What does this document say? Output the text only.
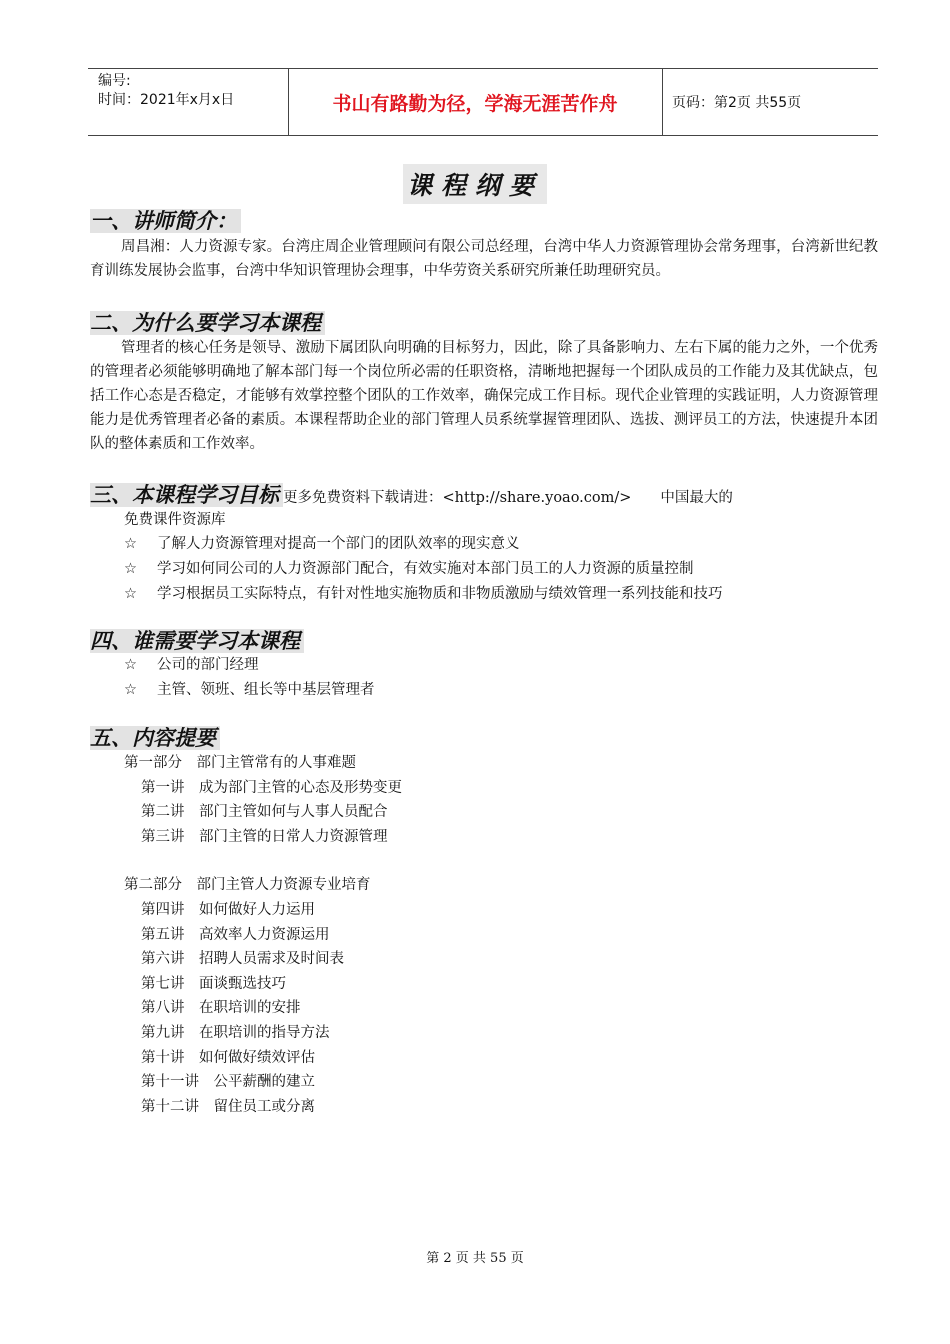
编号:
时间：2021年x月x日	书山有路勤为径，学海无涯苦作舟	页码：第2页 共55页
课程纲要
一、讲师简介：

周昌湘：人力资源专家。台湾庄周企业管理顾问有限公司总经理，台湾中华人力资源管理协会常务理事，台湾新世纪教育训练发展协会监事，台湾中华知识管理协会理事，中华劳资关系研究所兼任助理研究员。

二、为什么要学习本课程

管理者的核心任务是领导、激励下属团队向明确的目标努力，因此，除了具备影响力、左右下属的能力之外，一个优秀的管理者必须能够明确地了解本部门每一个岗位所必需的任职资格，清晰地把握每一个团队成员的工作能力及其优缺点，包括工作心态是否稳定，才能够有效掌控整个团队的工作效率，确保完成工作目标。现代企业管理的实践证明，人力资源管理能力是优秀管理者必备的素质。本课程帮助企业的部门管理人员系统掌握管理团队、选拔、测评员工的方法，快速提升本团队的整体素质和工作效率。

三、本课程学习目标 更多免费资料下载请进：<http://share.yoao.com/>　　中国最大的
免费课件资源库
☆ 了解人力资源管理对提高一个部门的团队效率的现实意义
☆ 学习如何同公司的人力资源部门配合，有效实施对本部门员工的人力资源的质量控制
☆ 学习根据员工实际特点，有针对性地实施物质和非物质激励与绩效管理一系列技能和技巧
四、谁需要学习本课程
☆ 公司的部门经理
☆ 主管、领班、组长等中基层管理者
五、内容提要
第一部分　 部门主管常有的人事难题
第一讲　 成为部门主管的心态及形势变更
第二讲　 部门主管如何与人事人员配合
第三讲　 部门主管的日常人力资源管理
第二部分　 部门主管人力资源专业培育
第四讲　 如何做好人力运用
第五讲　 高效率人力资源运用
第六讲　 招聘人员需求及时间表
第七讲　 面谈甄选技巧
第八讲　 在职培训的安排
第九讲　 在职培训的指导方法
第十讲　 如何做好绩效评估
第十一讲　 公平薪酬的建立
第十二讲　 留住员工或分离
第 2 页 共 55 页
